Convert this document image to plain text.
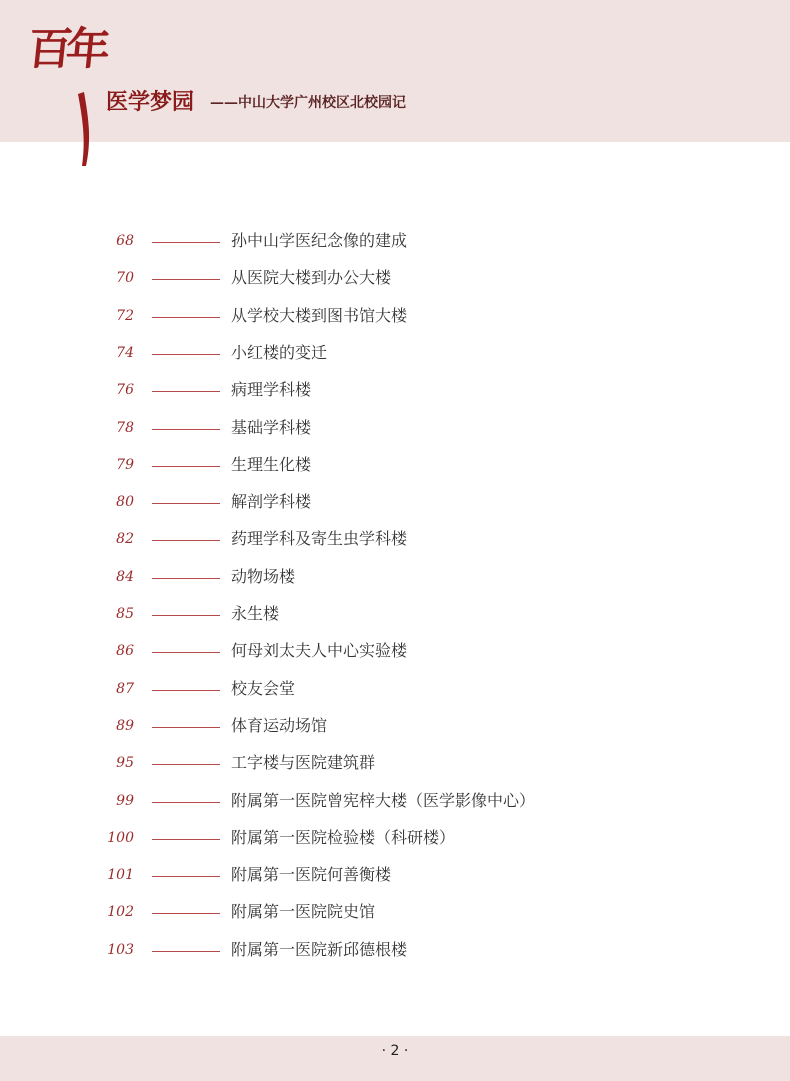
百年
医学梦园 ——中山大学广州校区北校园记
68	孙中山学医纪念像的建成
70	从医院大楼到办公大楼
72	从学校大楼到图书馆大楼
74	小红楼的变迁
76	病理学科楼
78	基础学科楼
79	生理生化楼
80	解剖学科楼
82	药理学科及寄生虫学科楼
84	动物场楼
85	永生楼
86	何母刘太夫人中心实验楼
87	校友会堂
89	体育运动场馆
95	工字楼与医院建筑群
99	附属第一医院曾宪梓大楼（医学影像中心）
100	附属第一医院检验楼（科研楼）
101	附属第一医院何善衡楼
102	附属第一医院院史馆
103	附属第一医院新邱德根楼
· 2 ·
